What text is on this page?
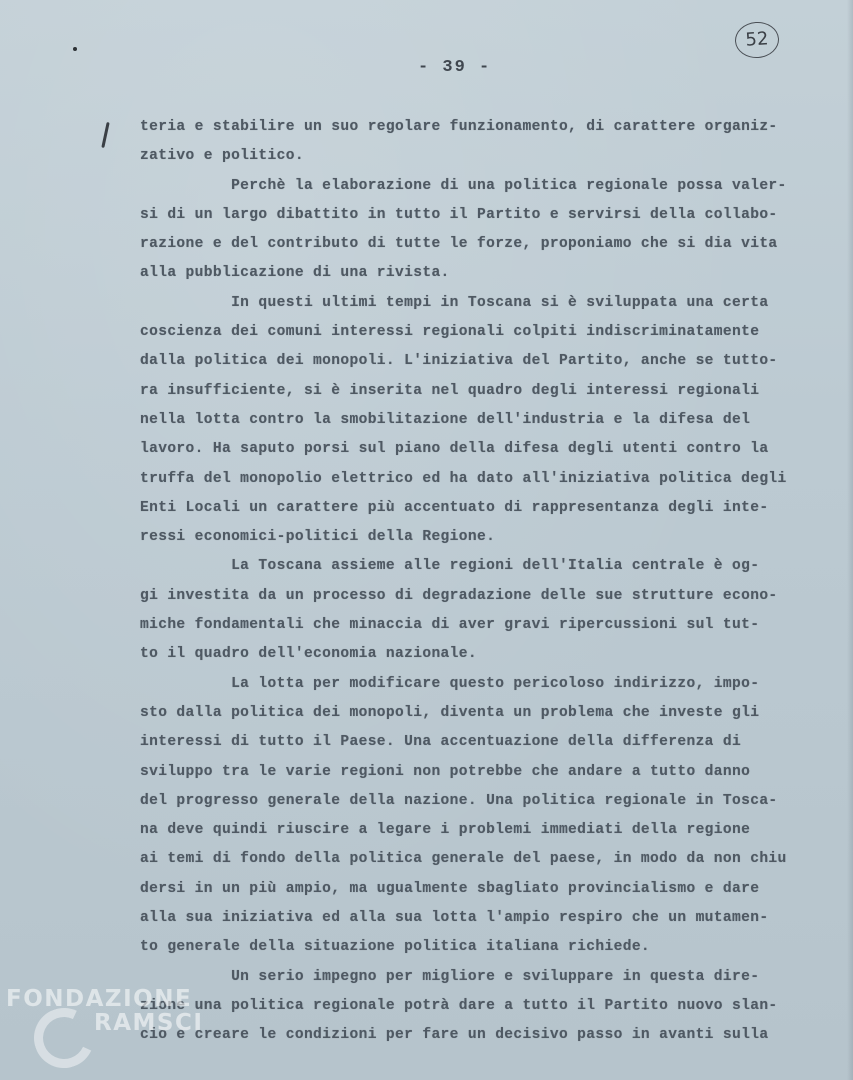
- 39 -
52
teria e stabilire un suo regolare funzionamento, di carattere organiz-
zativo e politico.
Perchè la elaborazione di una politica regionale possa valer-
si di un largo dibattito in tutto il Partito e servirsi della collabo-
razione e del contributo di tutte le forze, proponiamo che si dia vita
alla pubblicazione di una rivista.
In questi ultimi tempi in Toscana si è sviluppata una certa
coscienza dei comuni interessi regionali colpiti indiscriminatamente
dalla politica dei monopoli. L'iniziativa del Partito, anche se tutto-
ra insufficiente, si è inserita nel quadro degli interessi regionali
nella lotta contro la smobilitazione dell'industria e la difesa del
lavoro. Ha saputo porsi sul piano della difesa degli utenti contro la
truffa del monopolio elettrico ed ha dato all'iniziativa politica degli
Enti Locali un carattere più accentuato di rappresentanza degli inte-
ressi economici-politici della Regione.
La Toscana assieme alle regioni dell'Italia centrale è og-
gi investita da un processo di degradazione delle sue strutture econo-
miche fondamentali che minaccia di aver gravi ripercussioni sul tut-
to il quadro dell'economia nazionale.
La lotta per modificare questo pericoloso indirizzo, impo-
sto dalla politica dei monopoli, diventa un problema che investe gli
interessi di tutto il Paese. Una accentuazione della differenza di
sviluppo tra le varie regioni non potrebbe che andare a tutto danno
del progresso generale della nazione. Una politica regionale in Tosca-
na deve quindi riuscire a legare i problemi immediati della regione
ai temi di fondo della politica generale del paese, in modo da non chiu
dersi in un più ampio, ma ugualmente sbagliato provincialismo e dare
alla sua iniziativa ed alla sua lotta l'ampio respiro che un mutamen-
to generale della situazione politica italiana richiede.
Un serio impegno per migliore e sviluppare in questa dire-
zione una politica regionale potrà dare a tutto il Partito nuovo slan-
cio e creare le condizioni per fare un decisivo passo in avanti sulla
FONDAZIONE
RAMSCI
